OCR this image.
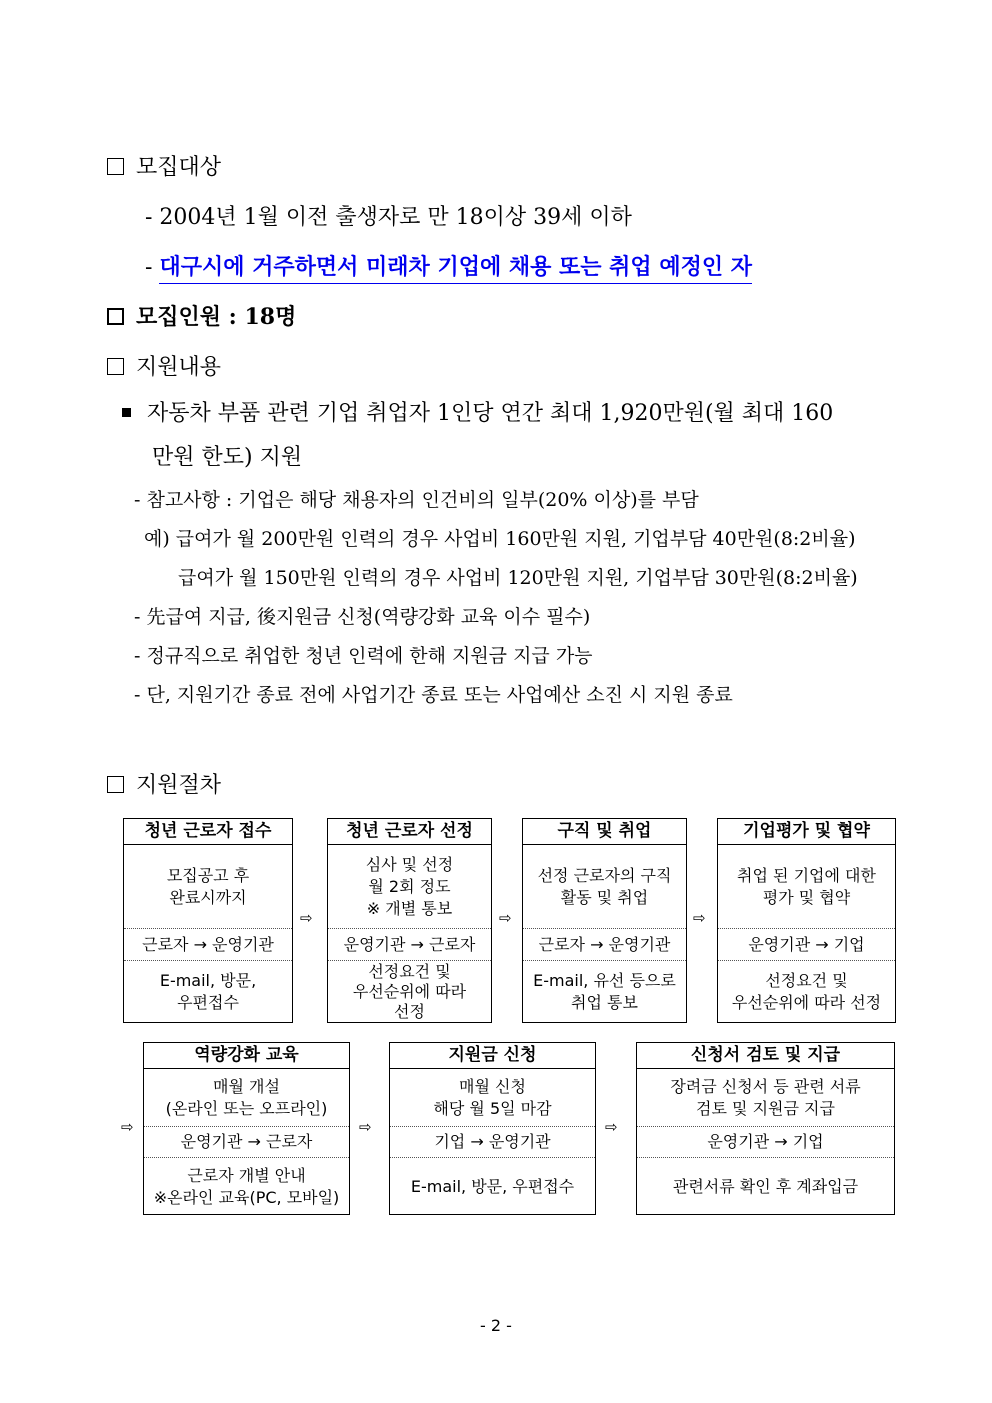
모집대상
- 2004년 1월 이전 출생자로 만 18이상 39세 이하
- 대구시에 거주하면서 미래차 기업에 채용 또는 취업 예정인 자
모집인원 : 18명
지원내용
자동차 부품 관련 기업 취업자 1인당 연간 최대 1,920만원(월 최대 160
만원 한도) 지원
- 참고사항 : 기업은 해당 채용자의 인건비의 일부(20% 이상)를 부담
예) 급여가 월 200만원 인력의 경우 사업비 160만원 지원, 기업부담 40만원(8:2비율)
급여가 월 150만원 인력의 경우 사업비 120만원 지원, 기업부담 30만원(8:2비율)
- 先급여 지급, 後지원금 신청(역량강화 교육 이수 필수)
- 정규직으로 취업한 청년 인력에 한해 지원금 지급 가능
- 단, 지원기간 종료 전에 사업기간 종료 또는 사업예산 소진 시 지원 종료
지원절차
청년 근로자 접수
모집공고 후
완료시까지
근로자 → 운영기관
E-mail, 방문,
우편접수
⇨
청년 근로자 선정
심사 및 선정
월 2회 정도
※ 개별 통보
운영기관 → 근로자
선정요건 및
우선순위에 따라
선정
⇨
구직 및 취업
선정 근로자의 구직
활동 및 취업
근로자 → 운영기관
E-mail, 유선 등으로
취업 통보
⇨
기업평가 및 협약
취업 된 기업에 대한
평가 및 협약
운영기관 → 기업
선정요건 및
우선순위에 따라 선정
⇨
역량강화 교육
매월 개설
(온라인 또는 오프라인)
운영기관 → 근로자
근로자 개별 안내
※온라인 교육(PC, 모바일)
⇨
지원금 신청
매월 신청
해당 월 5일 마감
기업 → 운영기관
E-mail, 방문, 우편접수
⇨
신청서 검토 및 지급
장려금 신청서 등 관련 서류
검토 및 지원금 지급
운영기관 → 기업
관련서류 확인 후 계좌입금
- 2 -
